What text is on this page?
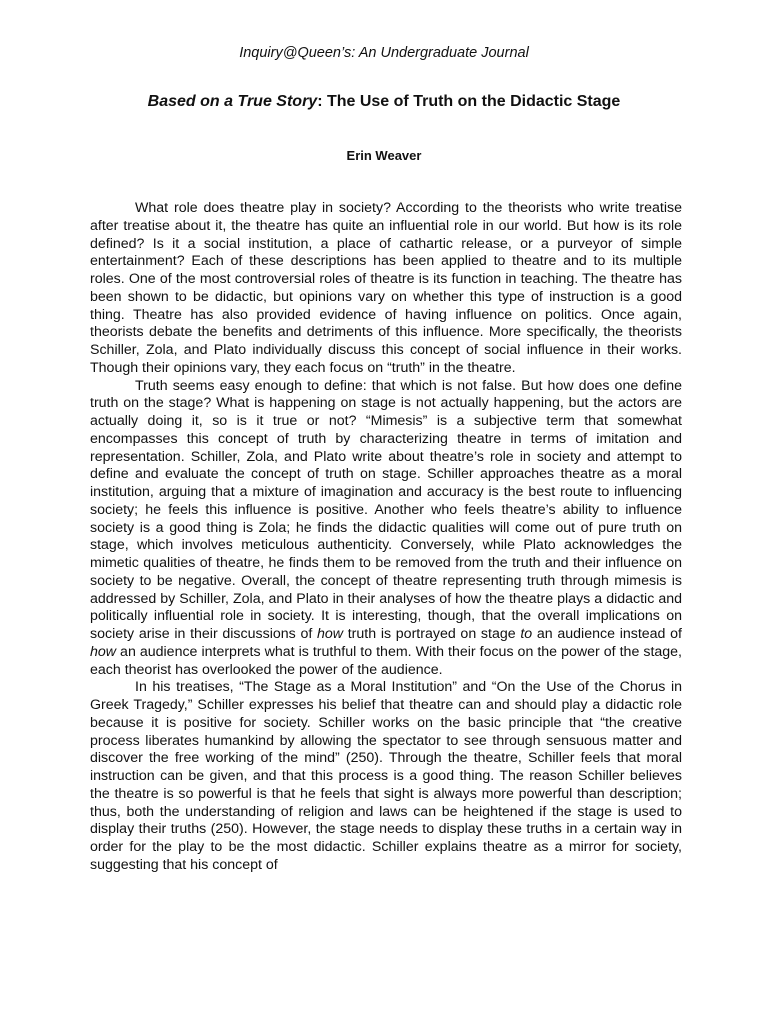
Inquiry@Queen’s: An Undergraduate Journal
Based on a True Story: The Use of Truth on the Didactic Stage
Erin Weaver

What role does theatre play in society? According to the theorists who write treatise after treatise about it, the theatre has quite an influential role in our world. But how is its role defined? Is it a social institution, a place of cathartic release, or a purveyor of simple entertainment? Each of these descriptions has been applied to theatre and to its multiple roles. One of the most controversial roles of theatre is its function in teaching. The theatre has been shown to be didactic, but opinions vary on whether this type of instruction is a good thing. Theatre has also provided evidence of having influence on politics. Once again, theorists debate the benefits and detriments of this influence. More specifically, the theorists Schiller, Zola, and Plato individually discuss this concept of social influence in their works. Though their opinions vary, they each focus on “truth” in the theatre.

Truth seems easy enough to define: that which is not false. But how does one define truth on the stage? What is happening on stage is not actually happening, but the actors are actually doing it, so is it true or not? “Mimesis” is a subjective term that somewhat encompasses this concept of truth by characterizing theatre in terms of imitation and representation. Schiller, Zola, and Plato write about theatre’s role in society and attempt to define and evaluate the concept of truth on stage. Schiller approaches theatre as a moral institution, arguing that a mixture of imagination and accuracy is the best route to influencing society; he feels this influence is positive. Another who feels theatre’s ability to influence society is a good thing is Zola; he finds the didactic qualities will come out of pure truth on stage, which involves meticulous authenticity. Conversely, while Plato acknowledges the mimetic qualities of theatre, he finds them to be removed from the truth and their influence on society to be negative. Overall, the concept of theatre representing truth through mimesis is addressed by Schiller, Zola, and Plato in their analyses of how the theatre plays a didactic and politically influential role in society. It is interesting, though, that the overall implications on society arise in their discussions of how truth is portrayed on stage to an audience instead of how an audience interprets what is truthful to them. With their focus on the power of the stage, each theorist has overlooked the power of the audience.

In his treatises, “The Stage as a Moral Institution” and “On the Use of the Chorus in Greek Tragedy,” Schiller expresses his belief that theatre can and should play a didactic role because it is positive for society. Schiller works on the basic principle that “the creative process liberates humankind by allowing the spectator to see through sensuous matter and discover the free working of the mind” (250). Through the theatre, Schiller feels that moral instruction can be given, and that this process is a good thing. The reason Schiller believes the theatre is so powerful is that he feels that sight is always more powerful than description; thus, both the understanding of religion and laws can be heightened if the stage is used to display their truths (250). However, the stage needs to display these truths in a certain way in order for the play to be the most didactic. Schiller explains theatre as a mirror for society, suggesting that his concept of
